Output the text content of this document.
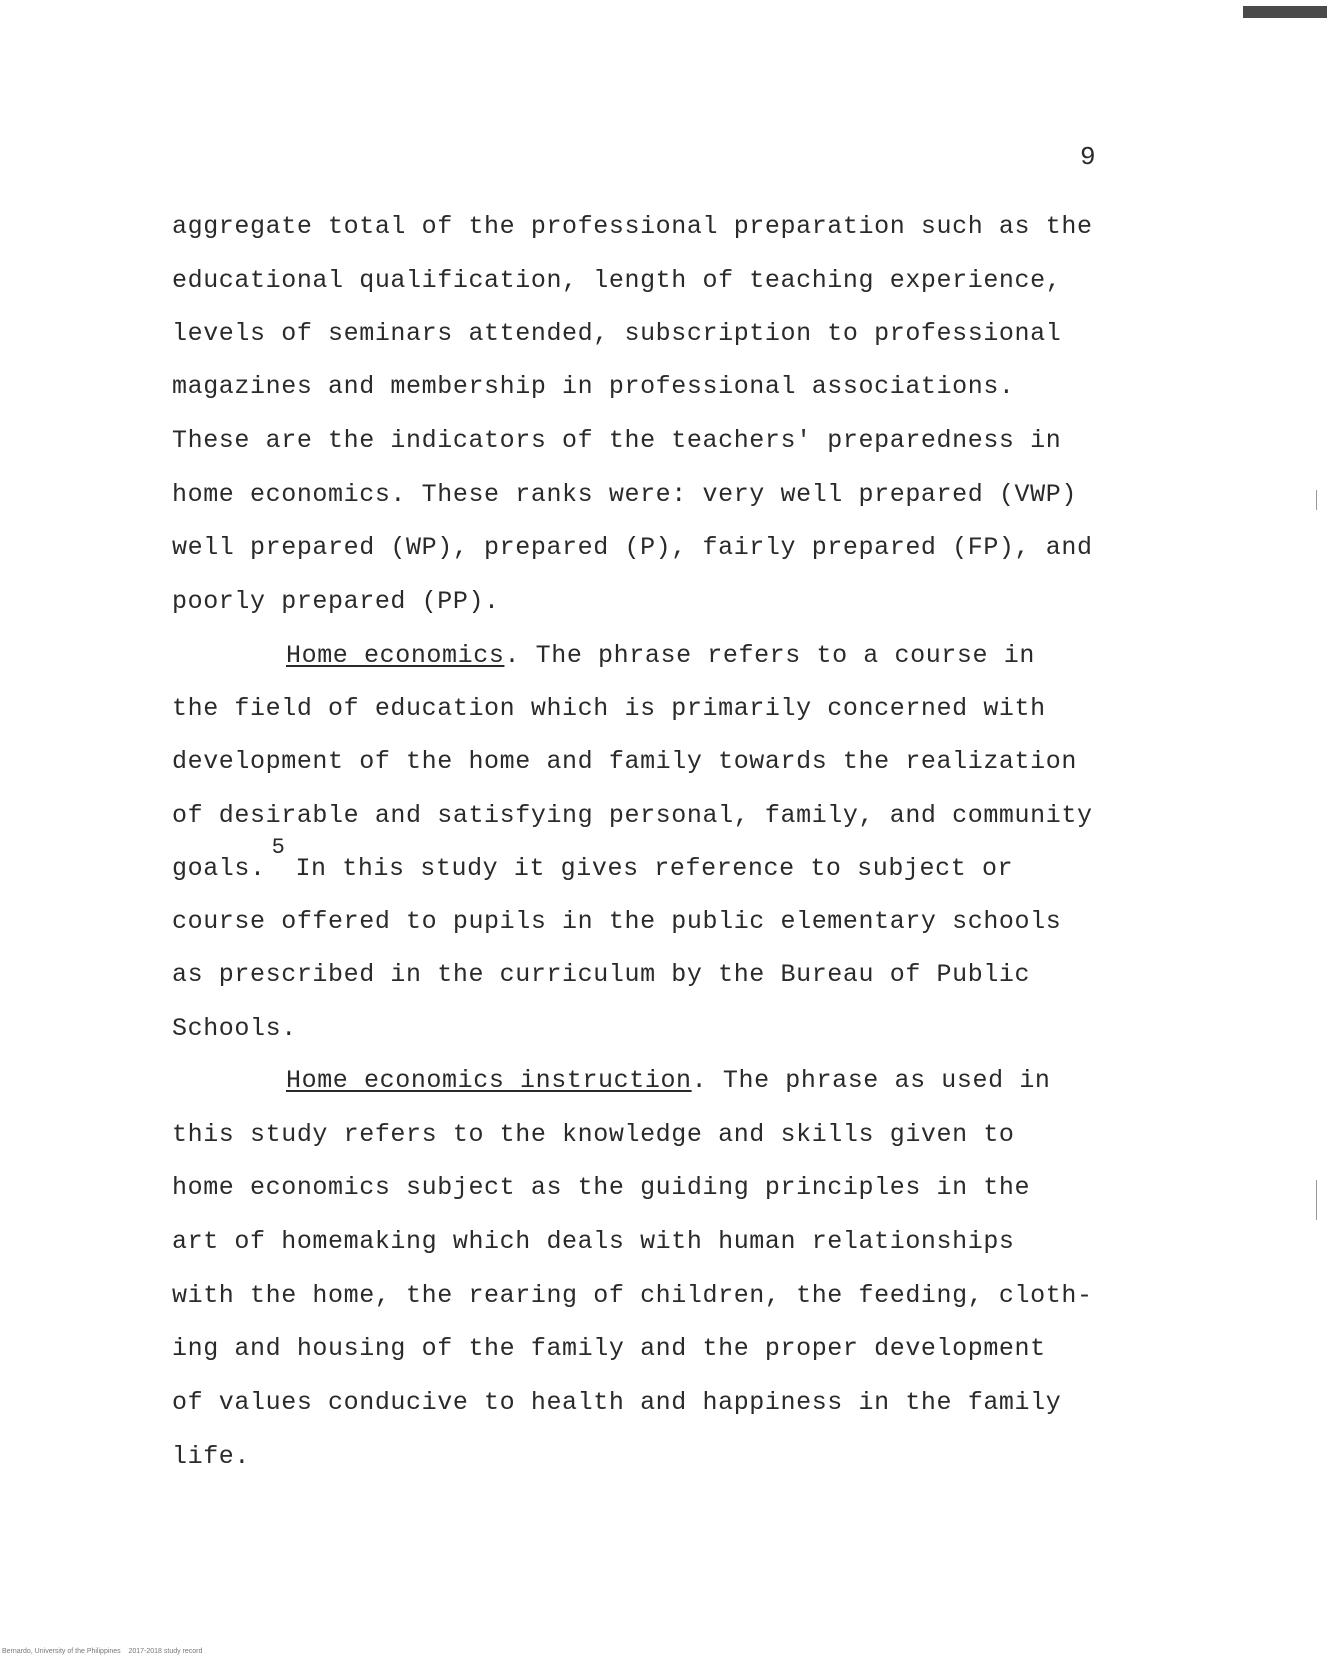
9
aggregate total of the professional preparation such as the
educational qualification, length of teaching experience,
levels of seminars attended, subscription to professional
magazines and membership in professional associations.
These are the indicators of the teachers' preparedness in
home economics. These ranks were: very well prepared (VWP)
well prepared (WP), prepared (P), fairly prepared (FP), and
poorly prepared (PP).
Home economics. The phrase refers to a course in
the field of education which is primarily concerned with
development of the home and family towards the realization
of desirable and satisfying personal, family, and community
goals.5In this study it gives reference to subject or
course offered to pupils in the public elementary schools
as prescribed in the curriculum by the Bureau of Public
Schools.
Home economics instruction. The phrase as used in
this study refers to the knowledge and skills given to
home economics subject as the guiding principles in the
art of homemaking which deals with human relationships
with the home, the rearing of children, the feeding, cloth-
ing and housing of the family and the proper development
of values conducive to health and happiness in the family
life.
Bernardo, University of the Philippines    2017-2018 study record
